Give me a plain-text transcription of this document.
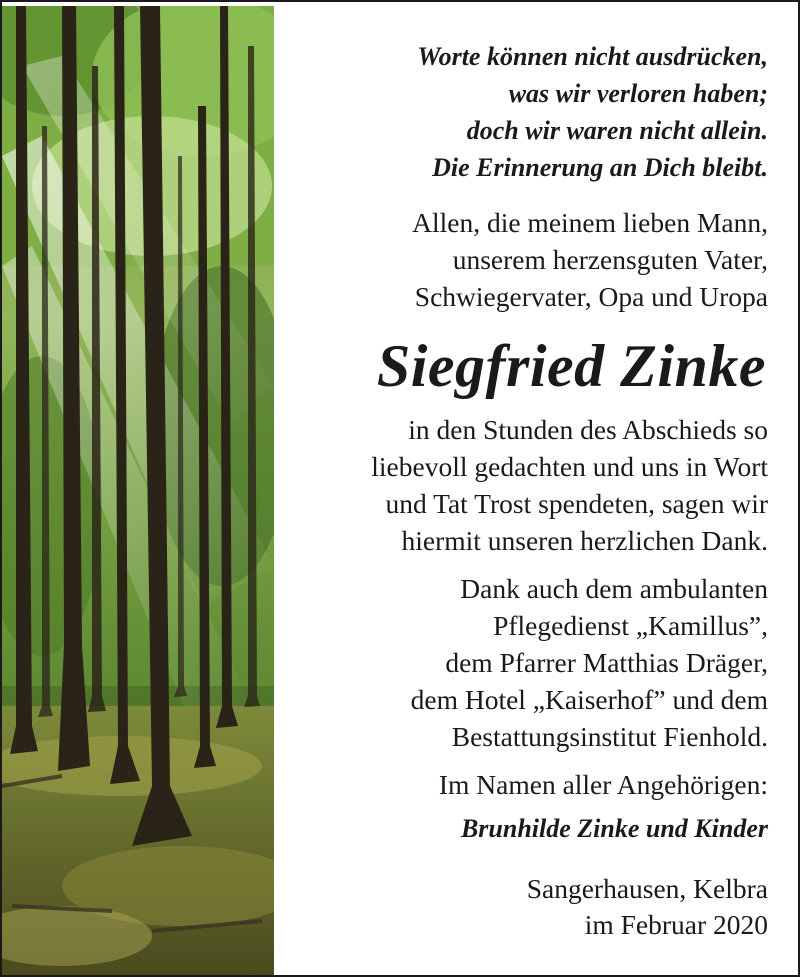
Worte können nicht ausdrücken,
was wir verloren haben;
doch wir waren nicht allein.
Die Erinnerung an Dich bleibt.
Allen, die meinem lieben Mann,
unserem herzensguten Vater,
Schwiegervater, Opa und Uropa
Siegfried Zinke
in den Stunden des Abschieds so
liebevoll gedachten und uns in Wort
und Tat Trost spendeten, sagen wir
hiermit unseren herzlichen Dank.
Dank auch dem ambulanten
Pflegedienst „Kamillus”,
dem Pfarrer Matthias Dräger,
dem Hotel „Kaiserhof” und dem
Bestattungsinstitut Fienhold.
Im Namen aller Angehörigen:
Brunhilde Zinke und Kinder
Sangerhausen, Kelbra
im Februar 2020
